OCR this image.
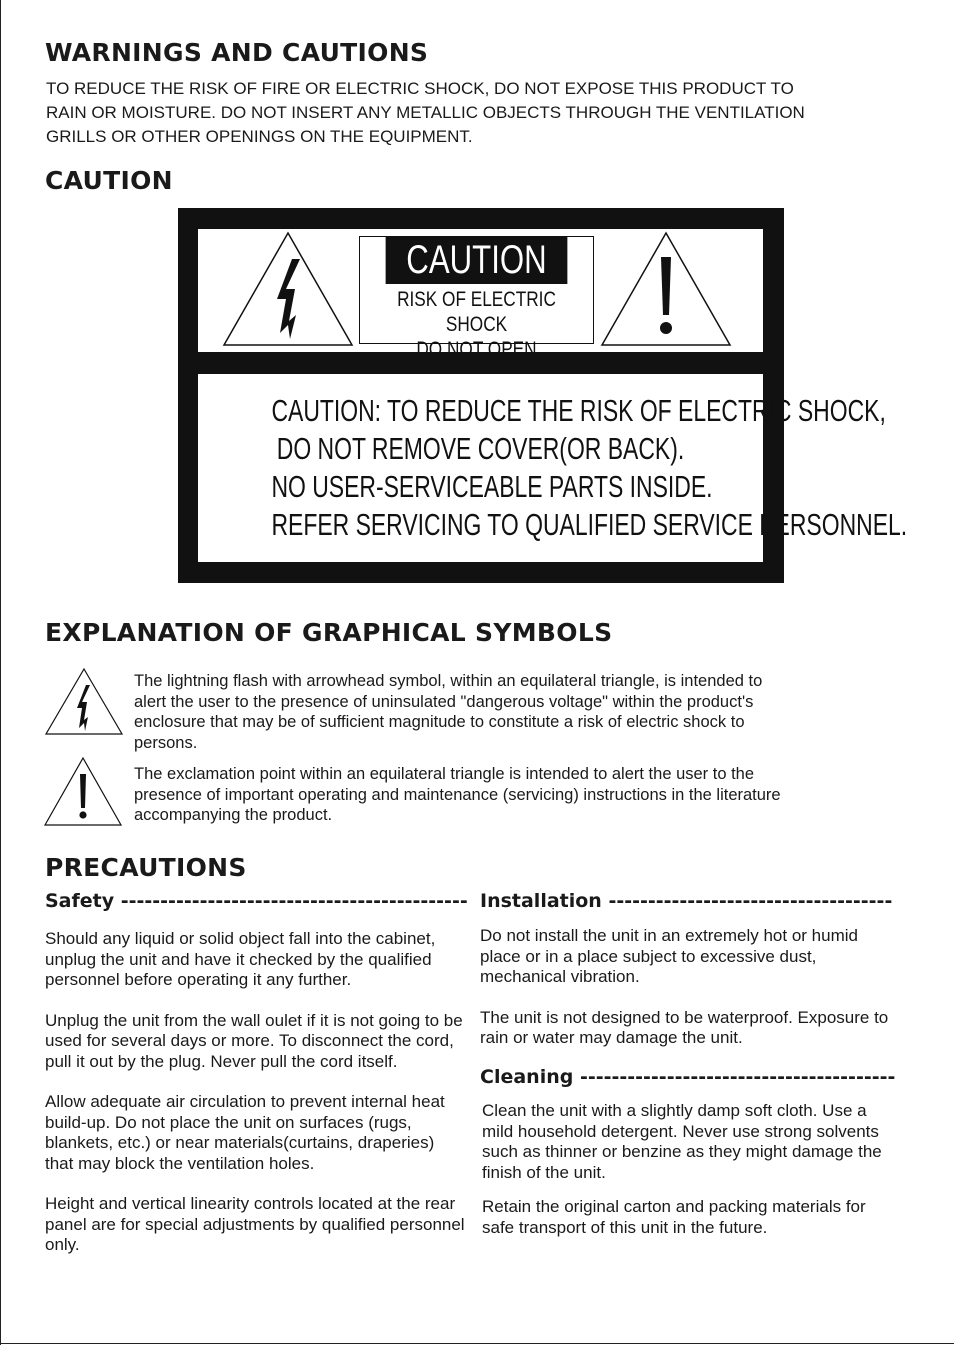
WARNINGS AND CAUTIONS
TO REDUCE THE RISK OF FIRE OR ELECTRIC SHOCK, DO NOT EXPOSE THIS PRODUCT TO
RAIN OR MOISTURE. DO NOT INSERT ANY METALLIC OBJECTS THROUGH THE VENTILATION
GRILLS OR OTHER OPENINGS ON THE EQUIPMENT.
CAUTION
CAUTION
RISK OF ELECTRIC SHOCK
DO NOT OPEN
CAUTION: TO REDUCE THE RISK OF ELECTRIC SHOCK,
DO NOT REMOVE COVER(OR BACK).
NO USER-SERVICEABLE PARTS INSIDE.
REFER SERVICING TO QUALIFIED SERVICE PERSONNEL.
EXPLANATION OF GRAPHICAL SYMBOLS
The lightning flash with arrowhead symbol, within an equilateral triangle, is intended to
alert the user to the presence of uninsulated "dangerous voltage" within the product's
enclosure that may be of sufficient magnitude to constitute a risk of electric shock to
persons.
The exclamation point within an equilateral triangle is intended to alert the user to the
presence of important operating and maintenance (servicing) instructions in the literature
accompanying the product.
PRECAUTIONS
Safety --------------------------------------------

Should any liquid or solid object fall into the cabinet, unplug the unit and have it checked by the qualified personnel before operating it any further.

Unplug the unit from the wall oulet if it is not going to be used for several days or more. To disconnect the cord, pull it out by the plug. Never pull the cord itself.

Allow adequate air circulation to prevent internal heat build-up. Do not place the unit on surfaces (rugs, blankets, etc.) or near materials(curtains, draperies) that may block the ventilation holes.

Height and vertical linearity controls located at the rear panel are for special adjustments by qualified personnel only.

Installation ------------------------------------

Do not install the unit in an extremely hot or humid place or in a place subject to excessive dust, mechanical vibration.

The unit is not designed to be waterproof. Exposure to rain or water may damage the unit.

Cleaning ----------------------------------------

Clean the unit with a slightly damp soft cloth. Use a mild household detergent. Never use strong solvents such as thinner or benzine as they might damage the finish of the unit.

Retain the original carton and packing materials for safe transport of this unit in the future.
